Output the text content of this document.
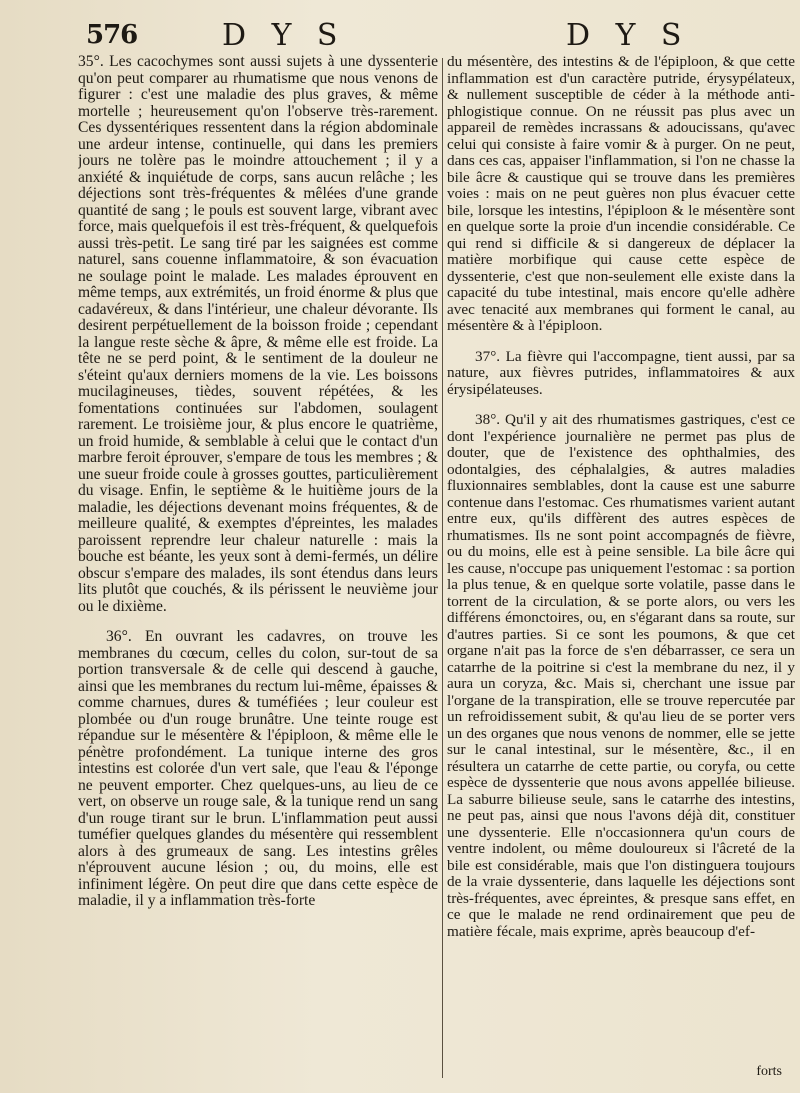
576	D Y S	D Y S

35°. Les cacochymes sont aussi sujets à une dyssenterie qu'on peut comparer au rhumatisme que nous venons de figurer : c'est une maladie des plus graves, & même mortelle ; heureusement qu'on l'observe très-rarement. Ces dyssentériques ressentent dans la région abdominale une ardeur intense, continuelle, qui dans les premiers jours ne tolère pas le moindre attouchement ; il y a anxiété & inquiétude de corps, sans aucun relâche ; les déjections sont très-fréquentes & mêlées d'une grande quantité de sang ; le pouls est souvent large, vibrant avec force, mais quelquefois il est très-fréquent, & quelquefois aussi très-petit. Le sang tiré par les saignées est comme naturel, sans couenne inflammatoire, & son évacuation ne soulage point le malade. Les malades éprouvent en même temps, aux extrémités, un froid énorme & plus que cadavéreux, & dans l'intérieur, une chaleur dévorante. Ils desirent perpétuellement de la boisson froide ; cependant la langue reste sèche & âpre, & même elle est froide. La tête ne se perd point, & le sentiment de la douleur ne s'éteint qu'aux derniers momens de la vie. Les boissons mucilagineuses, tièdes, souvent répétées, & les fomentations continuées sur l'abdomen, soulagent rarement. Le troisième jour, & plus encore le quatrième, un froid humide, & semblable à celui que le contact d'un marbre feroit éprouver, s'empare de tous les membres ; & une sueur froide coule à grosses gouttes, particulièrement du visage. Enfin, le septième & le huitième jours de la maladie, les déjections devenant moins fréquentes, & de meilleure qualité, & exemptes d'épreintes, les malades paroissent reprendre leur chaleur naturelle : mais la bouche est béante, les yeux sont à demi-fermés, un délire obscur s'empare des malades, ils sont étendus dans leurs lits plutôt que couchés, & ils périssent le neuvième jour ou le dixième.

36°. En ouvrant les cadavres, on trouve les membranes du cœcum, celles du colon, sur-tout de sa portion transversale & de celle qui descend à gauche, ainsi que les membranes du rectum lui-même, épaisses & comme charnues, dures & tuméfiées ; leur couleur est plombée ou d'un rouge brunâtre. Une teinte rouge est répandue sur le mésentère & l'épiploon, & même elle le pénètre profondément. La tunique interne des gros intestins est colorée d'un vert sale, que l'eau & l'éponge ne peuvent emporter. Chez quelques-uns, au lieu de ce vert, on observe un rouge sale, & la tunique rend un sang d'un rouge tirant sur le brun. L'inflammation peut aussi tuméfier quelques glandes du mésentère qui ressemblent alors à des grumeaux de sang. Les intestins grêles n'éprouvent aucune lésion ; ou, du moins, elle est infiniment légère. On peut dire que dans cette espèce de maladie, il y a inflammation très-forte

du mésentère, des intestins & de l'épiploon, & que cette inflammation est d'un caractère putride, érysypélateux, & nullement susceptible de céder à la méthode anti-phlogistique connue. On ne réussit pas plus avec un appareil de remèdes incrassans & adoucissans, qu'avec celui qui consiste à faire vomir & à purger. On ne peut, dans ces cas, appaiser l'inflammation, si l'on ne chasse la bile âcre & caustique qui se trouve dans les premières voies : mais on ne peut guères non plus évacuer cette bile, lorsque les intestins, l'épiploon & le mésentère sont en quelque sorte la proie d'un incendie considérable. Ce qui rend si difficile & si dangereux de déplacer la matière morbifique qui cause cette espèce de dyssenterie, c'est que non-seulement elle existe dans la capacité du tube intestinal, mais encore qu'elle adhère avec tenacité aux membranes qui forment le canal, au mésentère & à l'épiploon.

37°. La fièvre qui l'accompagne, tient aussi, par sa nature, aux fièvres putrides, inflammatoires & aux érysipélateuses.

38°. Qu'il y ait des rhumatismes gastriques, c'est ce dont l'expérience journalière ne permet pas plus de douter, que de l'existence des ophthalmies, des odontalgies, des céphalalgies, & autres maladies fluxionnaires semblables, dont la cause est une saburre contenue dans l'estomac. Ces rhumatismes varient autant entre eux, qu'ils diffèrent des autres espèces de rhumatismes. Ils ne sont point accompagnés de fièvre, ou du moins, elle est à peine sensible. La bile âcre qui les cause, n'occupe pas uniquement l'estomac : sa portion la plus tenue, & en quelque sorte volatile, passe dans le torrent de la circulation, & se porte alors, ou vers les différens émonctoires, ou, en s'égarant dans sa route, sur d'autres parties. Si ce sont les poumons, & que cet organe n'ait pas la force de s'en débarrasser, ce sera un catarrhe de la poitrine si c'est la membrane du nez, il y aura un coryza, &c. Mais si, cherchant une issue par l'organe de la transpiration, elle se trouve repercutée par un refroidissement subit, & qu'au lieu de se porter vers un des organes que nous venons de nommer, elle se jette sur le canal intestinal, sur le mésentère, &c., il en résultera un catarrhe de cette partie, ou coryfa, ou cette espèce de dyssenterie que nous avons appellée bilieuse. La saburre bilieuse seule, sans le catarrhe des intestins, ne peut pas, ainsi que nous l'avons déjà dit, constituer une dyssenterie. Elle n'occasionnera qu'un cours de ventre indolent, ou même douloureux si l'âcreté de la bile est considérable, mais que l'on distinguera toujours de la vraie dyssenterie, dans laquelle les déjections sont très-fréquentes, avec épreintes, & presque sans effet, en ce que le malade ne rend ordinairement que peu de matière fécale, mais exprime, après beaucoup d'ef-

forts
